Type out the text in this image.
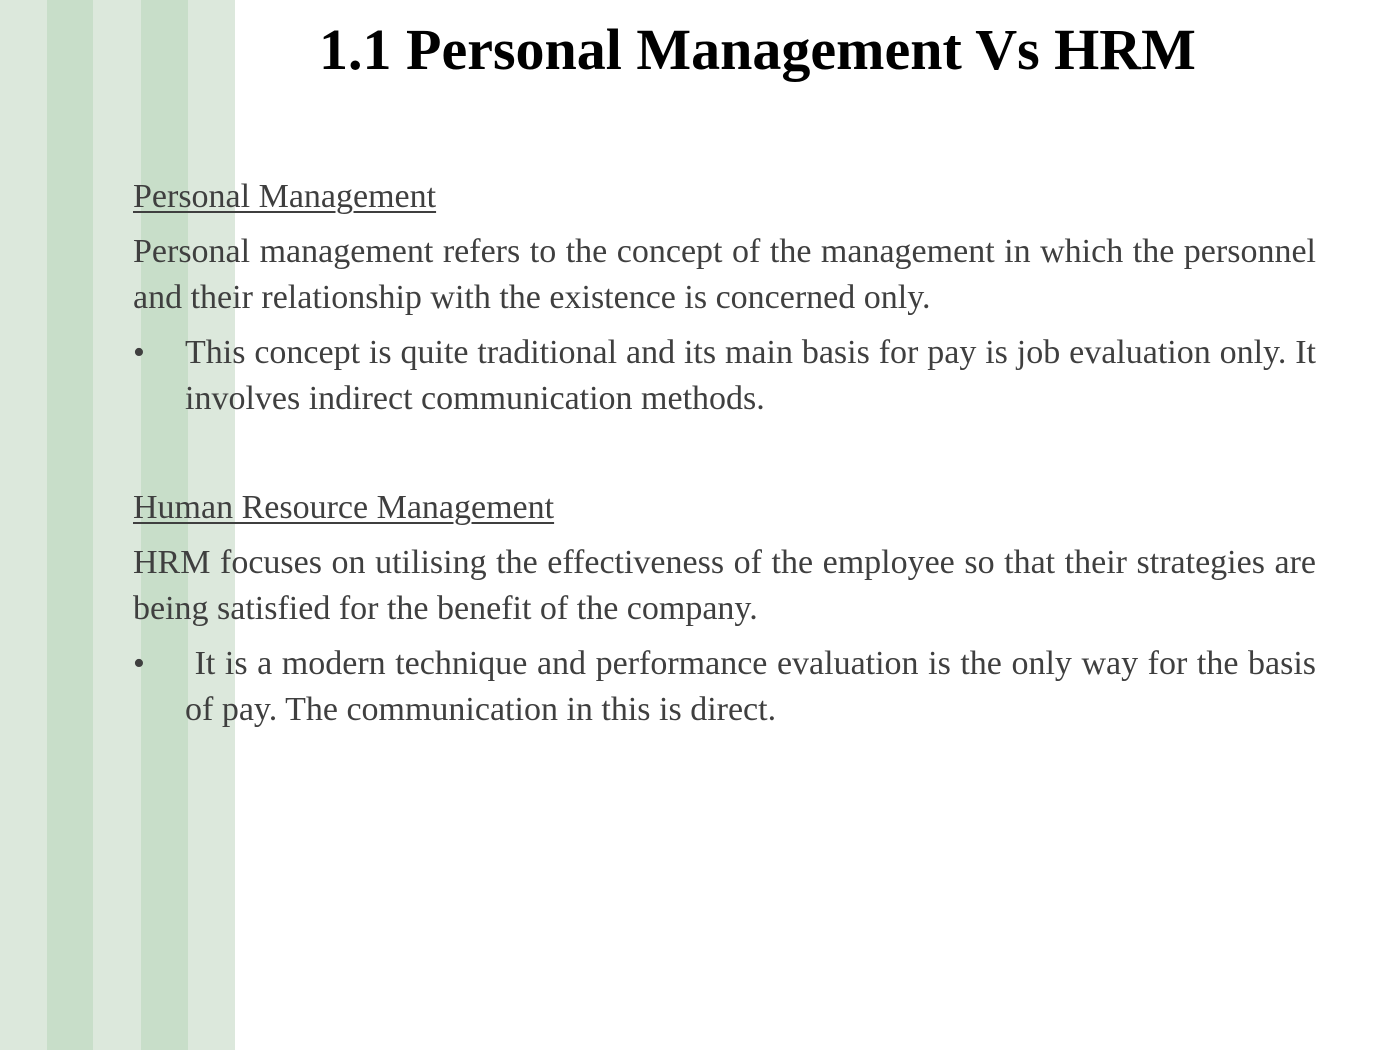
1.1 Personal Management Vs HRM

Personal Management

Personal management refers to the concept of the management in which the personnel and their relationship with the existence is concerned only.

• This concept is quite traditional and its main basis for pay is job evaluation only. It involves indirect communication methods.

Human Resource Management

HRM focuses on utilising the effectiveness of the employee so that their strategies are being satisfied for the benefit of the company.

• It is a modern technique and performance evaluation is the only way for the basis of pay. The communication in this is direct.
